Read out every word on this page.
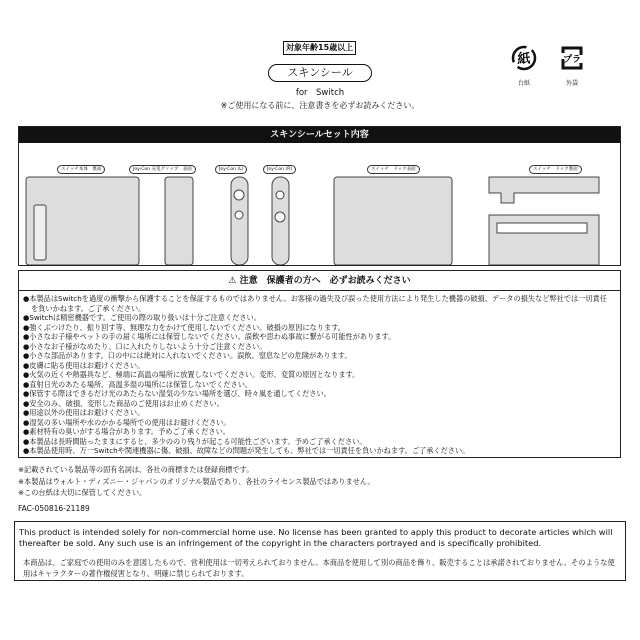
対象年齢15歳以上
スキンシール
for　Switch
※ご使用になる前に、注意書きを必ずお読みください。
紙
台紙
プラ
外袋
スキンシールセット内容
スイッチ本体　裏面	Joy-Con 充電グリップ　表面	Joy-Con (L)	Joy-Con (R)	スイッチ　ドック表面	スイッチ　ドック裏面
⚠ 注意　保護者の方へ　必ずお読みください
●本製品はSwitchを過度の衝撃から保護することを保証するものではありません。お客様の過失及び誤った使用方法により発生した機器の破損、データの損失など弊社では一切責任を負いかねます。ご了承ください。
●Switchは精密機器です。ご使用の際の取り扱いは十分ご注意ください。
●強くぶつけたり、振り回す等、無理な力をかけて使用しないでください。破損の原因になります。
●小さなお子様やペットの手の届く場所には保管しないでください。誤飲や思わぬ事故に繋がる可能性があります。
●小さなお子様がなめたり、口に入れたりしないよう十分ご注意ください。
●小さな部品があります。口の中には絶対に入れないでください。誤飲、窒息などの危険があります。
●皮膚に貼る使用はお避けください。
●火気の近くや熱器具など、極端に高温の場所に放置しないでください。変形、変質の原因となります。
●直射日光のあたる場所、高温多湿の場所には保管しないでください。
●保管する際はできるだけ光のあたらない湿気の少ない場所を選び、時々風を通してください。
●安全のみ、破損、変形した商品のご使用はお止めください。
●用途以外の使用はお避けください。
●湿気の多い場所や水のかかる場所での使用はお避けください。
●素材特有の臭いがする場合があります。予めご了承ください。
●本製品は長時間貼ったままにすると、多少ののり残りが起こる可能性ございます。予めご了承ください。
●本製品使用時、万一Switchや関連機器に傷、破損、故障などの問題が発生しても、弊社では一切責任を負いかねます。ご了承ください。
※記載されている製品等の固有名詞は、各社の商標または登録商標です。
※本製品はウォルト・ディズニー・ジャパンのオリジナル製品であり、各社のライセンス製品ではありません。
※この台紙は大切に保管してください。
FAC-050816-21189
This product is intended solely for non-commercial home use. No license has been granted to apply this product to decorate articles which will thereafter be sold. Any such use is an infringement of the copyright in the characters portrayed and is specifically prohibited.
本商品は、ご家庭での使用のみを意図したもので、営利使用は一切考えられておりません。本商品を使用して別の商品を飾り、販売することは承諾されておりません。そのような使用はキャラクターの著作権侵害となり、明確に禁じられております。
